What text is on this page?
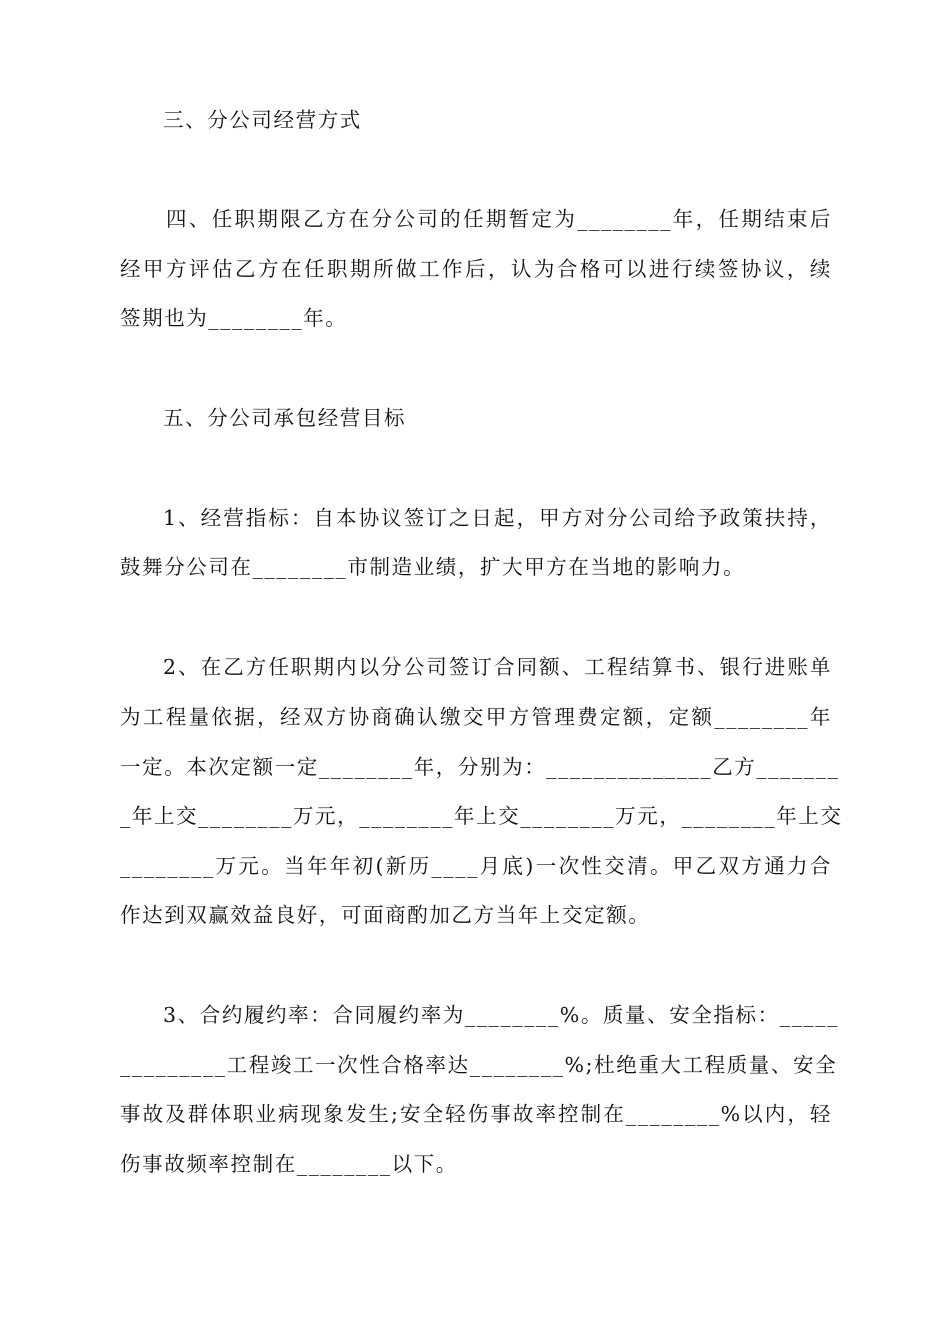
三、分公司经营方式
四、任职期限乙方在分公司的任期暂定为________年，任期结束后
经甲方评估乙方在任职期所做工作后，认为合格可以进行续签协议，续
签期也为________年。
五、分公司承包经营目标
1、经营指标：自本协议签订之日起，甲方对分公司给予政策扶持，
鼓舞分公司在________市制造业绩，扩大甲方在当地的影响力。
2、在乙方任职期内以分公司签订合同额、工程结算书、银行进账单
为工程量依据，经双方协商确认缴交甲方管理费定额，定额________年
一定。本次定额一定________年，分别为：______________乙方_______
_年上交________万元，________年上交________万元，________年上交
________万元。当年年初(新历____月底)一次性交清。甲乙双方通力合
作达到双赢效益良好，可面商酌加乙方当年上交定额。
3、合约履约率：合同履约率为________%。质量、安全指标：_____
_________工程竣工一次性合格率达________%;杜绝重大工程质量、安全
事故及群体职业病现象发生;安全轻伤事故率控制在________%以内，轻
伤事故频率控制在________以下。
